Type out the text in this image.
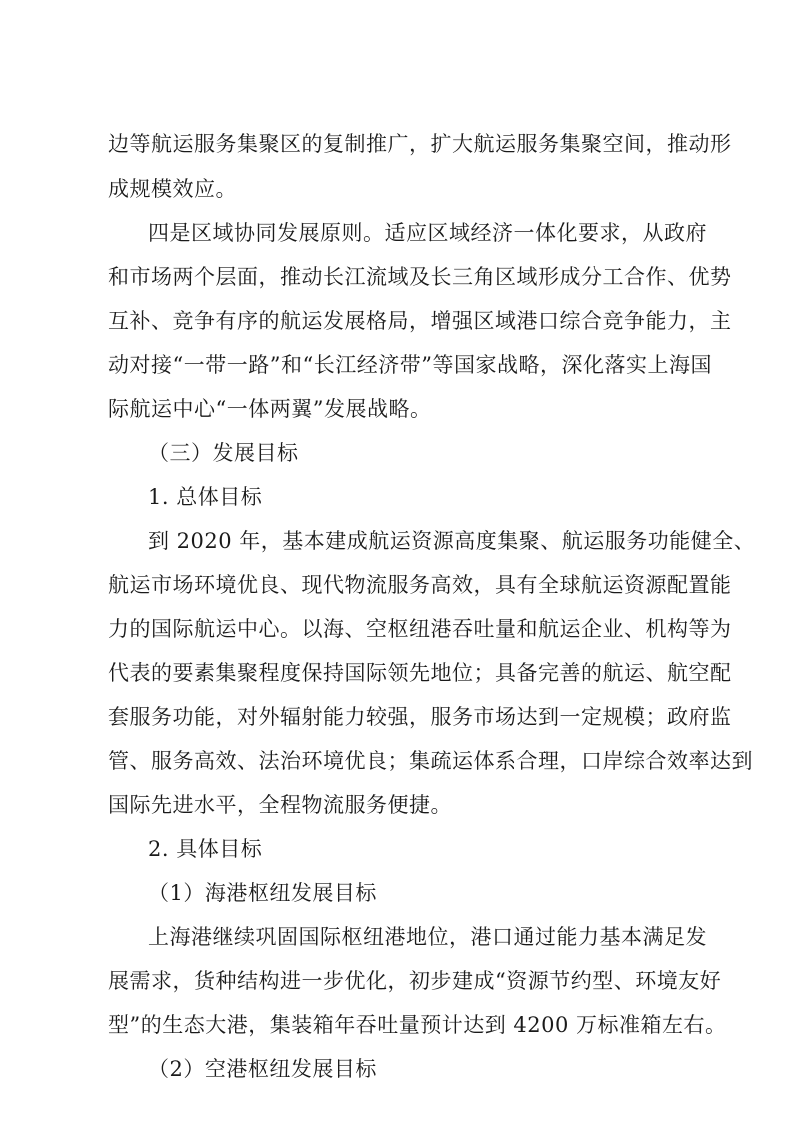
边等航运服务集聚区的复制推广，扩大航运服务集聚空间，推动形
成规模效应。
四是区域协同发展原则。适应区域经济一体化要求，从政府
和市场两个层面，推动长江流域及长三角区域形成分工合作、优势
互补、竞争有序的航运发展格局，增强区域港口综合竞争能力，主
动对接“一带一路”和“长江经济带”等国家战略，深化落实上海国
际航运中心“一体两翼”发展战略。
（三）发展目标
1. 总体目标
到 2020 年，基本建成航运资源高度集聚、航运服务功能健全、
航运市场环境优良、现代物流服务高效，具有全球航运资源配置能
力的国际航运中心。以海、空枢纽港吞吐量和航运企业、机构等为
代表的要素集聚程度保持国际领先地位；具备完善的航运、航空配
套服务功能，对外辐射能力较强，服务市场达到一定规模；政府监
管、服务高效、法治环境优良；集疏运体系合理，口岸综合效率达到
国际先进水平，全程物流服务便捷。
2. 具体目标
（1）海港枢纽发展目标
上海港继续巩固国际枢纽港地位，港口通过能力基本满足发
展需求，货种结构进一步优化，初步建成“资源节约型、环境友好
型”的生态大港，集装箱年吞吐量预计达到 4200 万标准箱左右。
（2）空港枢纽发展目标
